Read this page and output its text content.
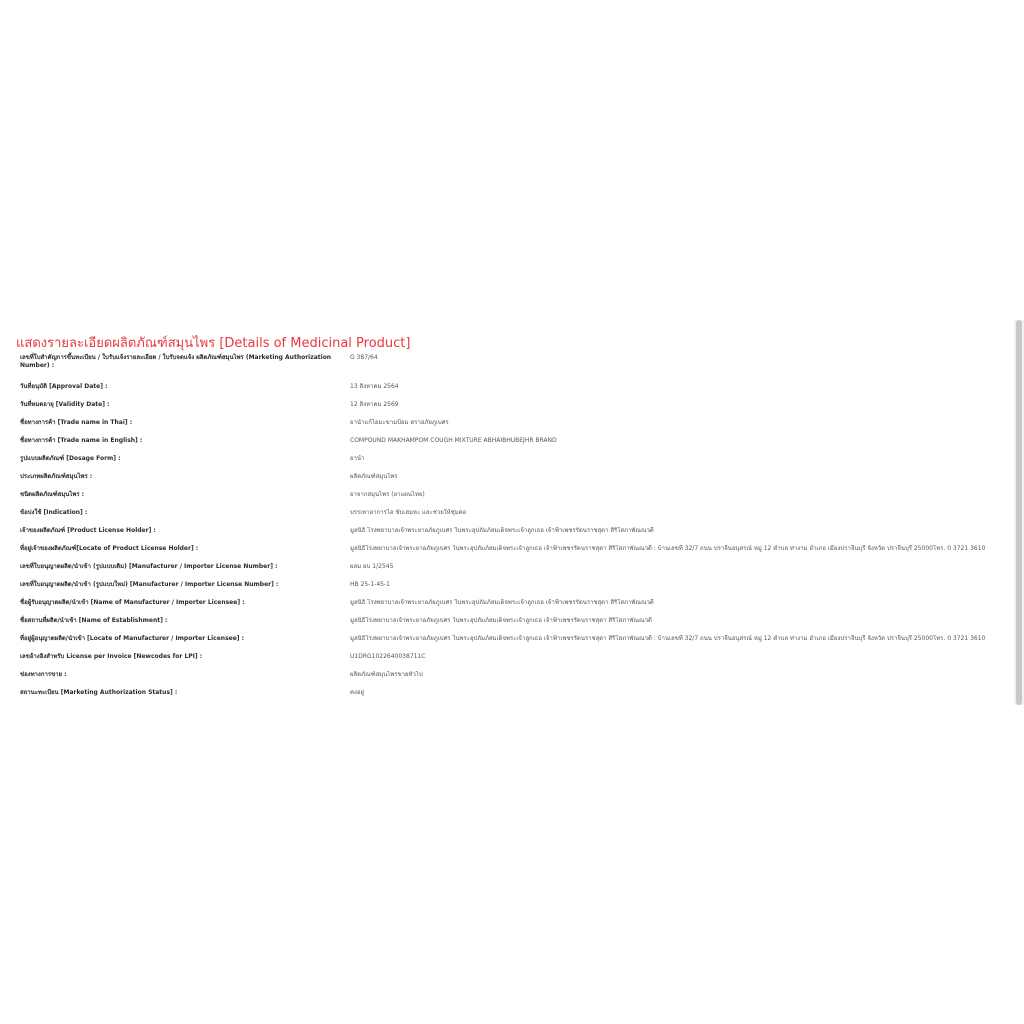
แสดงรายละเอียดผลิตภัณฑ์สมุนไพร [Details of Medicinal Product]
เลขที่ใบสำคัญการขึ้นทะเบียน / ใบรับแจ้งรายละเอียด / ใบรับจดแจ้ง ผลิตภัณฑ์สมุนไพร (Marketing Authorization Number) :
G 387/64
วันที่อนุมัติ [Approval Date] :	13 สิงหาคม 2564
วันที่หมดอายุ [Validity Date] :	12 สิงหาคม 2569
ชื่อทางการค้า [Trade name in Thai] :	ยาน้ำแก้ไอมะขามป้อม ตราอภัยภูเบศร
ชื่อทางการค้า [Trade name in English] :	COMPOUND MAKHAMPOM COUGH MIXTURE ABHAIBHUBEJHR BRAND
รูปแบบผลิตภัณฑ์ [Dosage Form] :	ยาน้ำ
ประเภทผลิตภัณฑ์สมุนไพร :	ผลิตภัณฑ์สมุนไพร
ชนิดผลิตภัณฑ์สมุนไพร :	ยาจากสมุนไพร (ยาแผนไทย)
ข้อบ่งใช้ [Indication] :	บรรเทาอาการไอ ขับเสมหะ และช่วยให้ชุ่มคอ
เจ้าของผลิตภัณฑ์ [Product License Holder] :	มูลนิธิ โรงพยาบาลเจ้าพระยาอภัยภูเบศร ในพระอุปถัมภ์สมเด็จพระเจ้าลูกเธอ เจ้าฟ้าเพชรรัตนราชสุดา สิริโสภาพัณณวดี
ที่อยู่เจ้าของผลิตภัณฑ์[Locate of Product License Holder] :	มูลนิธิโรงพยาบาลเจ้าพระยาอภัยภูเบศร ในพระอุปถัมภ์สมเด็จพระเจ้าลูกเธอ เจ้าฟ้าเพชรรัตนราชสุดา สิริโสภาพัณณวดี : บ้านเลขที่ 32/7 ถนน ปราจีนอนุสรณ์ หมู่ 12 ตำบล ท่างาม อำเภอ เมืองปราจีนบุรี จังหวัด ปราจีนบุรี 25000โทร. 0 3721 3610
เลขที่ใบอนุญาตผลิต/นำเข้า (รูปแบบเดิม) [Manufacturer / Importer License Number] :	ผลม ผบ 1/2545
เลขที่ใบอนุญาตผลิต/นำเข้า (รูปแบบใหม่) [Manufacturer / Importer License Number] :	HB 25-1-45-1
ชื่อผู้รับอนุญาตผลิต/นำเข้า [Name of Manufacturer / Importer Licensee] :	มูลนิธิ โรงพยาบาลเจ้าพระยาอภัยภูเบศร ในพระอุปถัมภ์สมเด็จพระเจ้าลูกเธอ เจ้าฟ้าเพชรรัตนราชสุดา สิริโสภาพัณณวดี
ชื่อสถานที่ผลิต/นำเข้า [Name of Establishment] :	มูลนิธิโรงพยาบาลเจ้าพระยาอภัยภูเบศร ในพระอุปถัมภ์สมเด็จพระเจ้าลูกเธอ เจ้าฟ้าเพชรรัตนราชสุดา สิริโสภาพัณณวดี
ที่อยู่ผู้อนุญาตผลิต/นำเข้า [Locate of Manufacturer / Importer Licensee] :	มูลนิธิโรงพยาบาลเจ้าพระยาอภัยภูเบศร ในพระอุปถัมภ์สมเด็จพระเจ้าลูกเธอ เจ้าฟ้าเพชรรัตนราชสุดา สิริโสภาพัณณวดี : บ้านเลขที่ 32/7 ถนน ปราจีนอนุสรณ์ หมู่ 12 ตำบล ท่างาม อำเภอ เมืองปราจีนบุรี จังหวัด ปราจีนบุรี 25000โทร. 0 3721 3610
เลขอ้างอิงสำหรับ License per Invoice [Newcodes for LPI] :	U1DRG1022640038711C
ช่องทางการขาย :	ผลิตภัณฑ์สมุนไพรขายทั่วไป
สถานะทะเบียน [Marketing Authorization Status] :	คงอยู่
